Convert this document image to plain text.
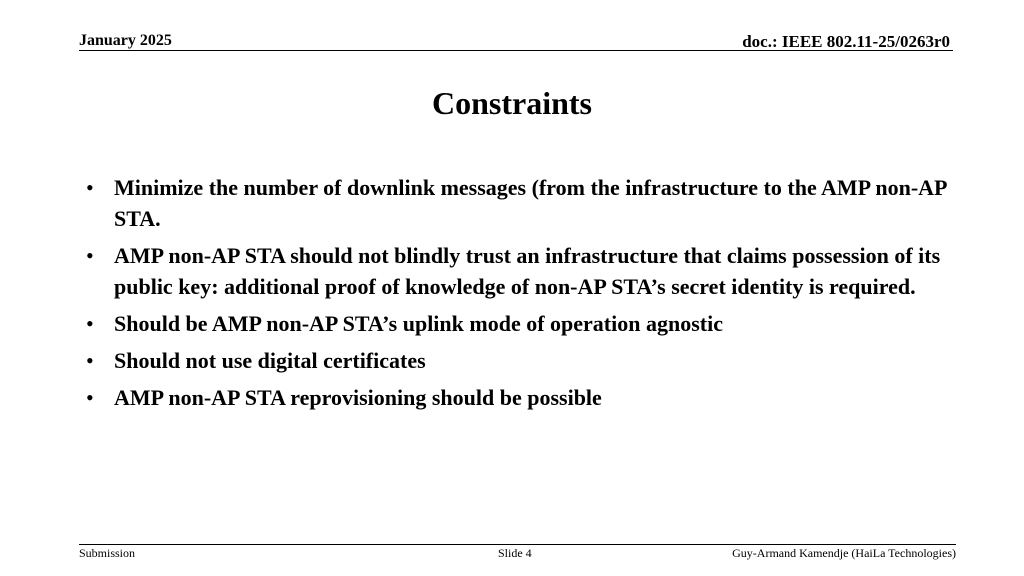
January 2025	doc.: IEEE 802.11-25/0263r0
Constraints
• Minimize the number of downlink messages (from the infrastructure to the AMP non-AP STA.
• AMP non-AP STA should not blindly trust an infrastructure that claims possession of its public key: additional proof of knowledge of non-AP STA’s secret identity is required.
• Should be AMP non-AP STA’s uplink mode of operation agnostic
• Should not use digital certificates
• AMP non-AP STA reprovisioning should be possible
Submission	Slide 4	Guy-Armand Kamendje (HaiLa Technologies)
